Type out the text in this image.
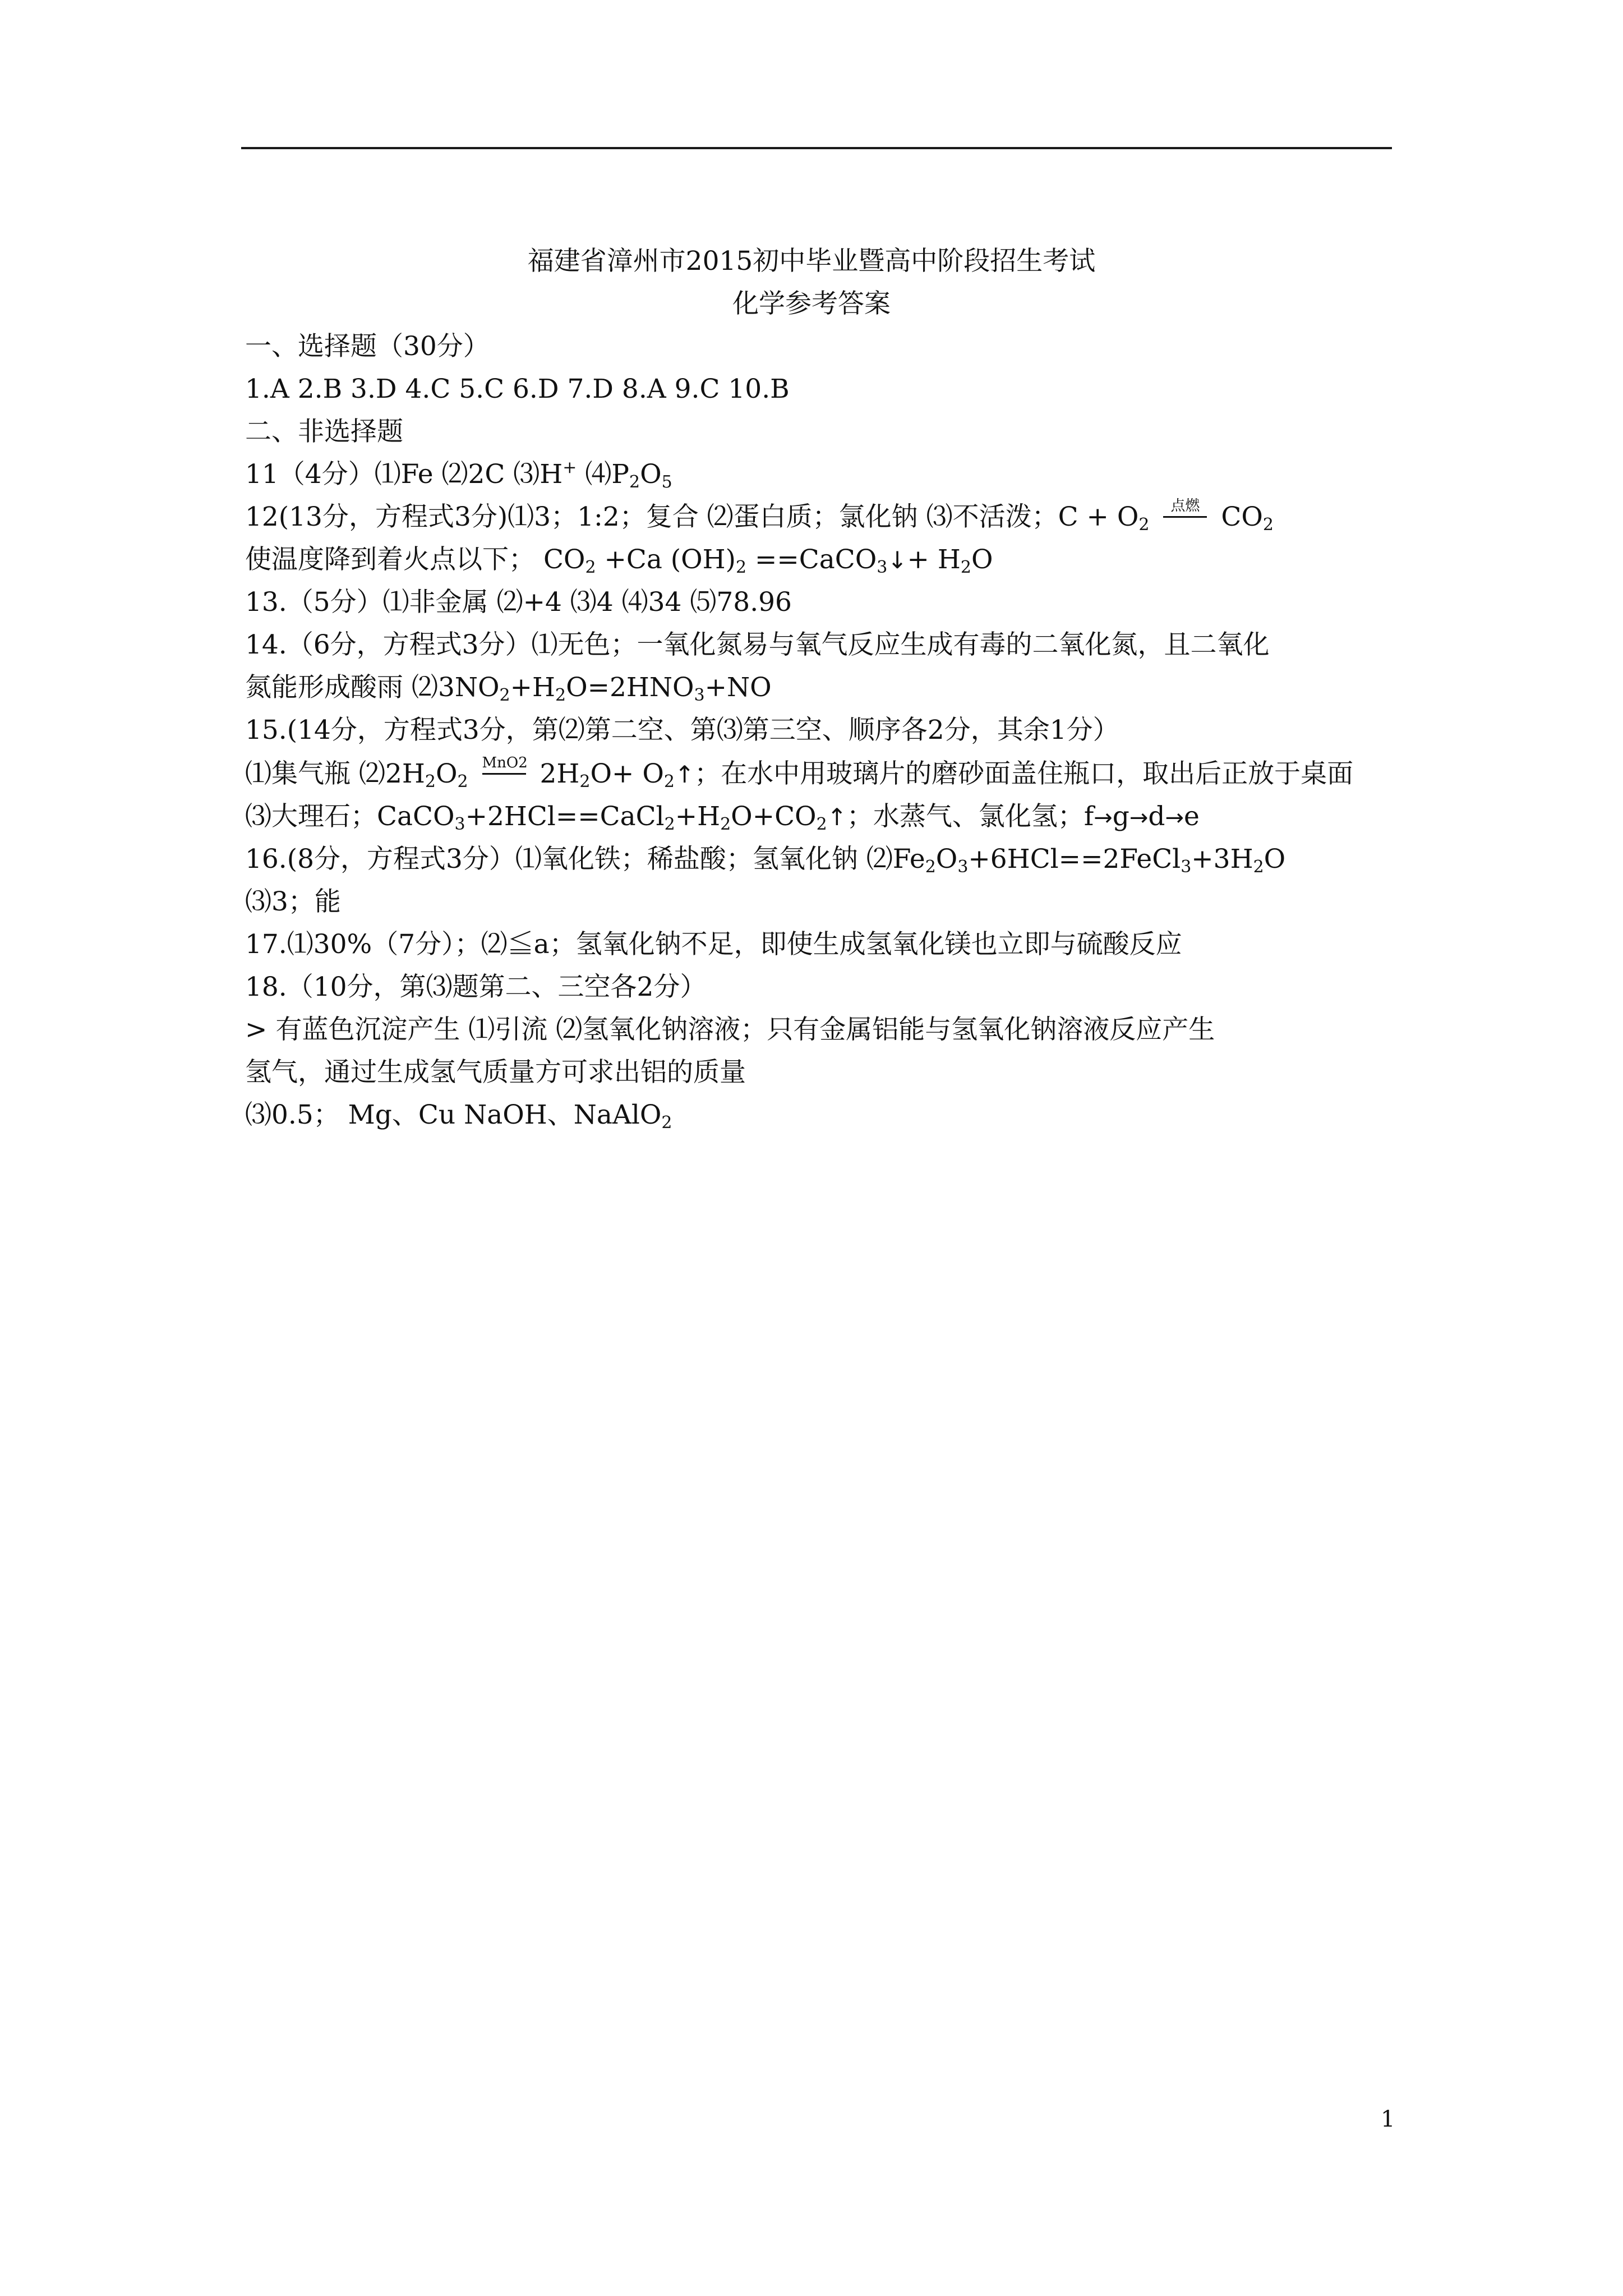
福建省漳州市2015初中毕业暨高中阶段招生考试
化学参考答案
一、选择题（30分）
1.A 2.B 3.D 4.C 5.C 6.D 7.D 8.A 9.C 10.B
二、非选择题
11（4分）⑴Fe ⑵2C ⑶H+ $⑷P_2O_5$
12(13分，方程式3分)⑴3；1:2；复合 ⑵蛋白质；氯化钠 ⑶不活泼；$C + O_2$
点燃 $CO_2$
使温度降到着火点以下； $CO_2 +Ca$ $(OH)_2$ ==CaCO$_3$↓+ $H_2O$
13.（5分）⑴非金属 ⑵+4 ⑶4 ⑷34 ⑸78.96
14.（6分，方程式3分）⑴无色；一氧化氮易与氧气反应生成有毒的二氧化氮，且二氧化
氮能形成酸雨 $⑵3NO_2+H_2O=2HNO_3+NO$
15.(14分，方程式3分，第⑵第二空、第⑶第三空、顺序各2分，其余1分）
⑴集气瓶 $⑵2H_2O_2$
MnO2 $2H_2O+$ $O_2↑$；在水中用玻璃片的磨砂面盖住瓶口，取出后正放于桌面
⑶大理石；$CaCO_3+2HCl==CaCl_2+H_2O+CO_2↑$；水蒸气、氯化氢；f→g→d→e
16.(8分，方程式3分）⑴氧化铁；稀盐酸；氢氧化钠 $⑵Fe_2O_3+6HCl==2FeCl_3+3H_2O$
⑶3；能
17.⑴30%（7分）；⑵≦a；氢氧化钠不足，即使生成氢氧化镁也立即与硫酸反应
18.（10分，第⑶题第二、三空各2分）
> 有蓝色沉淀产生 ⑴引流 ⑵氢氧化钠溶液；只有金属铝能与氢氧化钠溶液反应产生
氢气，通过生成氢气质量方可求出铝的质量
⑶0.5； Mg、Cu NaOH、NaAlO$_2$
1
